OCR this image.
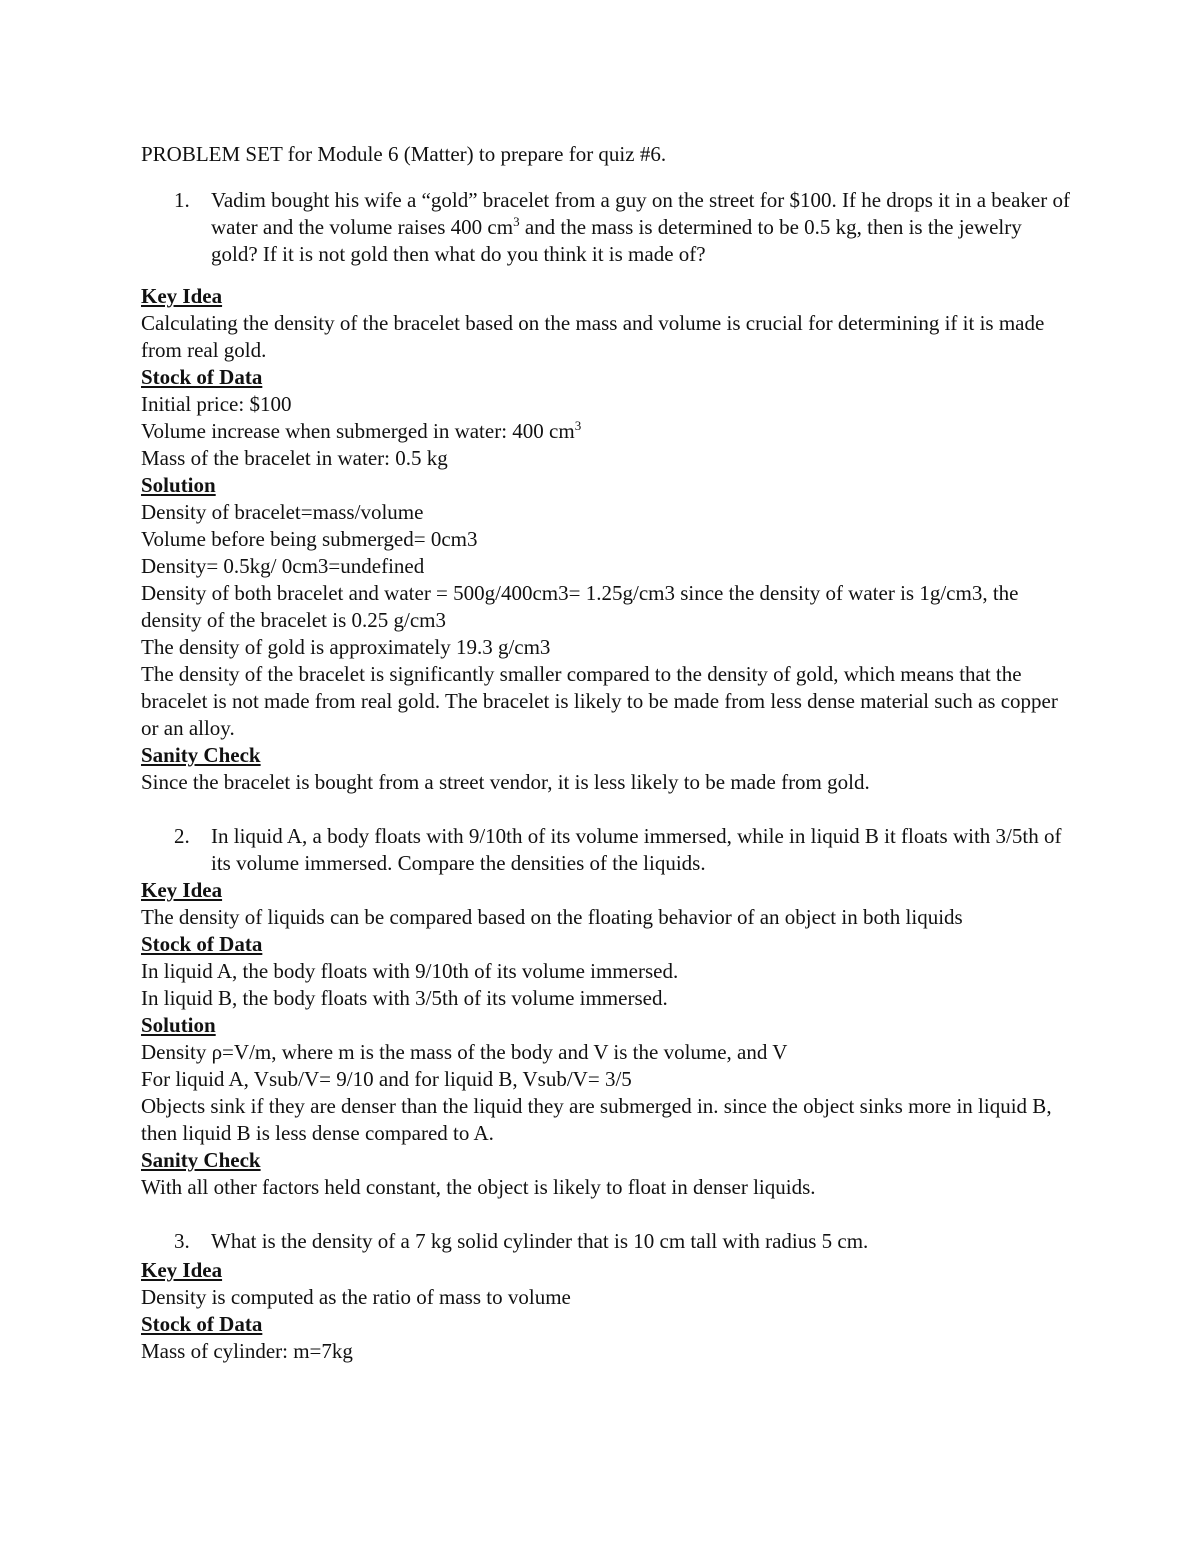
PROBLEM SET for Module 6 (Matter) to prepare for quiz #6.
1. Vadim bought his wife a “gold” bracelet from a guy on the street for $100. If he drops it in a beaker of water and the volume raises 400 $cm^3$ and the mass is determined to be 0.5 kg, then is the jewelry gold? If it is not gold then what do you think it is made of?
Key Idea
Calculating the density of the bracelet based on the mass and volume is crucial for determining if it is made from real gold.
Stock of Data
Initial price: $100
Volume increase when submerged in water: 400 $cm^3$
Mass of the bracelet in water: 0.5 kg
Solution
Density of bracelet=mass/volume
Volume before being submerged= 0cm3
Density= 0.5kg/ 0cm3=undefined
Density of both bracelet and water = 500g/400cm3= 1.25g/cm3 since the density of water is 1g/cm3, the density of the bracelet is 0.25 g/cm3
The density of gold is approximately 19.3 g/cm3
The density of the bracelet is significantly smaller compared to the density of gold, which means that the bracelet is not made from real gold. The bracelet is likely to be made from less dense material such as copper or an alloy.
Sanity Check
Since the bracelet is bought from a street vendor, it is less likely to be made from gold.
2. In liquid A, a body floats with 9/10th of its volume immersed, while in liquid B it floats with 3/5th of its volume immersed. Compare the densities of the liquids.
Key Idea
The density of liquids can be compared based on the floating behavior of an object in both liquids
Stock of Data
In liquid A, the body floats with 9/10th of its volume immersed.
In liquid B, the body floats with 3/5th of its volume immersed.
Solution
Density ρ=V/m, where m is the mass of the body and V is the volume, and V
For liquid A, Vsub/V= 9/10 and for liquid B, Vsub/V= 3/5
Objects sink if they are denser than the liquid they are submerged in. since the object sinks more in liquid B, then liquid B is less dense compared to A.
Sanity Check
With all other factors held constant, the object is likely to float in denser liquids.
3. What is the density of a 7 kg solid cylinder that is 10 cm tall with radius 5 cm.
Key Idea
Density is computed as the ratio of mass to volume
Stock of Data
Mass of cylinder: m=7kg
